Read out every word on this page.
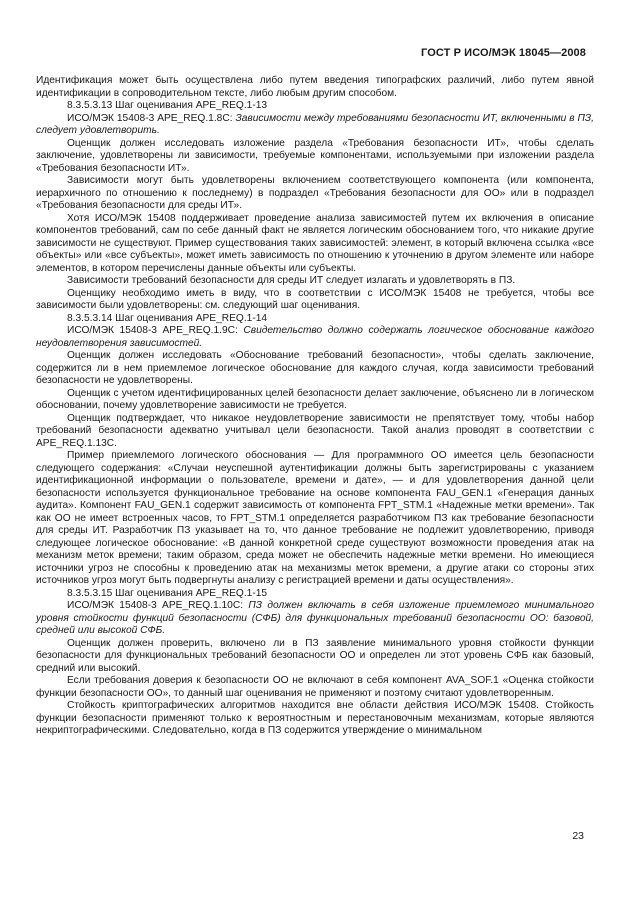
ГОСТ Р ИСО/МЭК 18045—2008

Идентификация может быть осуществлена либо путем введения типографских различий, либо путем явной идентификации в сопроводительном тексте, либо любым другим способом.

8.3.5.3.13 Шаг оценивания APE_REQ.1-13

ИСО/МЭК 15408-3 APE_REQ.1.8C: Зависимости между требованиями безопасности ИТ, включенными в ПЗ, следует удовлетворить.

Оценщик должен исследовать изложение раздела «Требования безопасности ИТ», чтобы сделать заключение, удовлетворены ли зависимости, требуемые компонентами, используемыми при изложении раздела «Требования безопасности ИТ».

Зависимости могут быть удовлетворены включением соответствующего компонента (или компонента, иерархичного по отношению к последнему) в подраздел «Требования безопасности для ОО» или в подраздел «Требования безопасности для среды ИТ».

Хотя ИСО/МЭК 15408 поддерживает проведение анализа зависимостей путем их включения в описание компонентов требований, сам по себе данный факт не является логическим обоснованием того, что никакие другие зависимости не существуют. Пример существования таких зависимостей: элемент, в который включена ссылка «все объекты» или «все субъекты», может иметь зависимость по отношению к уточнению в другом элементе или наборе элементов, в котором перечислены данные объекты или субъекты.

Зависимости требований безопасности для среды ИТ следует излагать и удовлетворять в ПЗ.

Оценщику необходимо иметь в виду, что в соответствии с ИСО/МЭК 15408 не требуется, чтобы все зависимости были удовлетворены: см. следующий шаг оценивания.

8.3.5.3.14 Шаг оценивания APE_REQ.1-14

ИСО/МЭК 15408-3 APE_REQ.1.9C: Свидетельство должно содержать логическое обоснование каждого неудовлетворения зависимостей.

Оценщик должен исследовать «Обоснование требований безопасности», чтобы сделать заключение, содержится ли в нем приемлемое логическое обоснование для каждого случая, когда зависимости требований безопасности не удовлетворены.

Оценщик с учетом идентифицированных целей безопасности делает заключение, объяснено ли в логическом обосновании, почему удовлетворение зависимости не требуется.

Оценщик подтверждает, что никакое неудовлетворение зависимости не препятствует тому, чтобы набор требований безопасности адекватно учитывал цели безопасности. Такой анализ проводят в соответствии с APE_REQ.1.13C.

Пример приемлемого логического обоснования — Для программного ОО имеется цель безопасности следующего содержания: «Случаи неуспешной аутентификации должны быть зарегистрированы с указанием идентификационной информации о пользователе, времени и дате», — и для удовлетворения данной цели безопасности используется функциональное требование на основе компонента FAU_GEN.1 «Генерация данных аудита». Компонент FAU_GEN.1 содержит зависимость от компонента FPT_STM.1 «Надежные метки времени». Так как ОО не имеет встроенных часов, то FPT_STM.1 определяется разработчиком ПЗ как требование безопасности для среды ИТ. Разработчик ПЗ указывает на то, что данное требование не подлежит удовлетворению, приводя следующее логическое обоснование: «В данной конкретной среде существуют возможности проведения атак на механизм меток времени; таким образом, среда может не обеспечить надежные метки времени. Но имеющиеся источники угроз не способны к проведению атак на механизмы меток времени, а другие атаки со стороны этих источников угроз могут быть подвергнуты анализу с регистрацией времени и даты осуществления».

8.3.5.3.15 Шаг оценивания APE_REQ.1-15

ИСО/МЭК 15408-3 APE_REQ.1.10C: ПЗ должен включать в себя изложение приемлемого минимального уровня стойкости функций безопасности (СФБ) для функциональных требований безопасности ОО: базовой, средней или высокой СФБ.

Оценщик должен проверить, включено ли в ПЗ заявление минимального уровня стойкости функции безопасности для функциональных требований безопасности ОО и определен ли этот уровень СФБ как базовый, средний или высокий.

Если требования доверия к безопасности ОО не включают в себя компонент AVA_SOF.1 «Оценка стойкости функции безопасности ОО», то данный шаг оценивания не применяют и поэтому считают удовлетворенным.

Стойкость криптографических алгоритмов находится вне области действия ИСО/МЭК 15408. Стойкость функции безопасности применяют только к вероятностным и перестановочным механизмам, которые являются некриптографическими. Следовательно, когда в ПЗ содержится утверждение о минимальном

23
